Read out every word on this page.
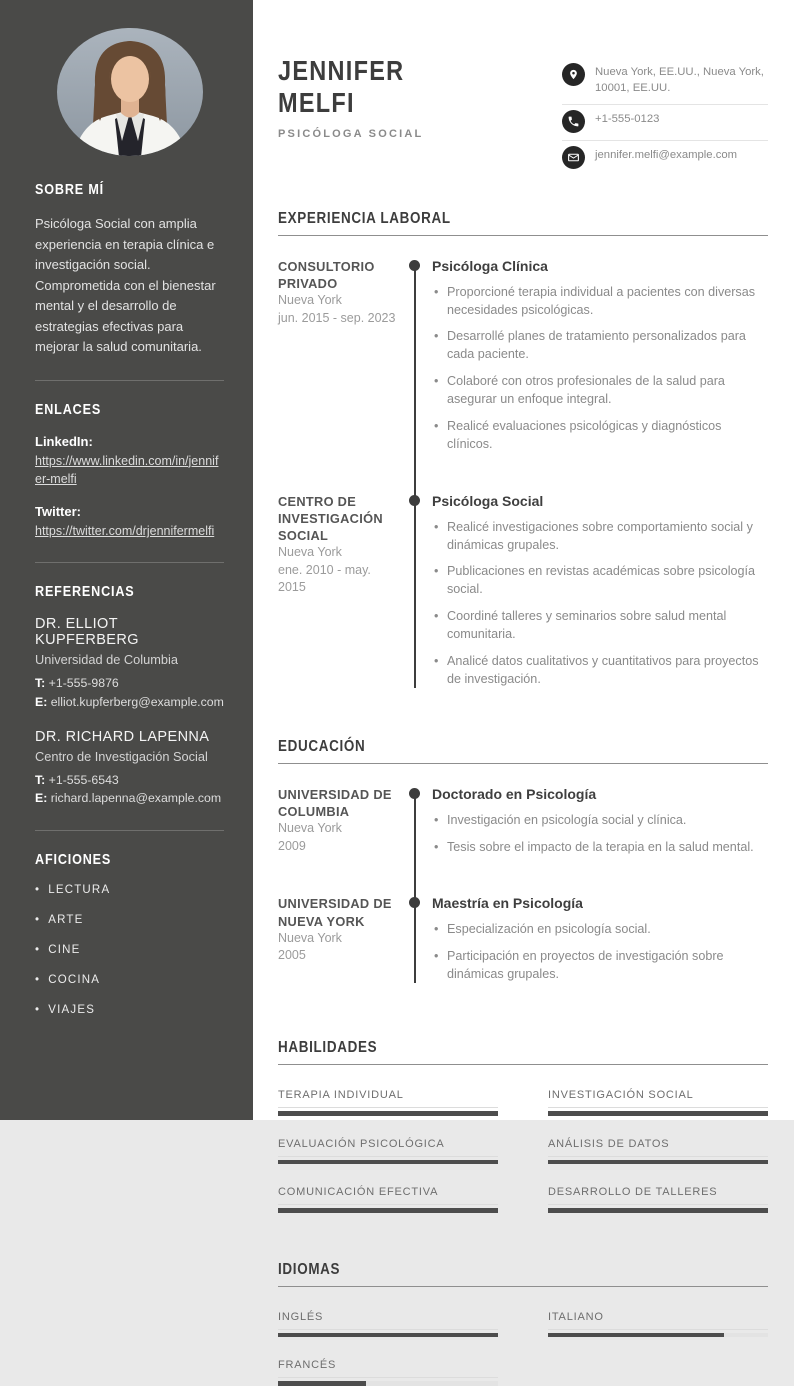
SOBRE MÍ

Psicóloga Social con amplia experiencia en terapia clínica e investigación social. Comprometida con el bienestar mental y el desarrollo de estrategias efectivas para mejorar la salud comunitaria.

ENLACES
LinkedIn:
https://www.linkedin.com/in/jennifer-melfi
Twitter:
https://twitter.com/drjennifermelfi
REFERENCIAS
DR. ELLIOT KUPFERBERG
Universidad de Columbia
T: +1-555-9876
E: elliot.kupferberg@example.com
DR. RICHARD LAPENNA
Centro de Investigación Social
T: +1-555-6543
E: richard.lapenna@example.com
AFICIONES
• LECTURA
• ARTE
• CINE
• COCINA
• VIAJES
JENNIFER
MELFI
PSICÓLOGA SOCIAL
Nueva York, EE.UU., Nueva York, 10001, EE.UU.
+1-555-0123
jennifer.melfi@example.com
EXPERIENCIA LABORAL
CONSULTORIO PRIVADO
Nueva York
jun. 2015 - sep. 2023
Psicóloga Clínica
• Proporcioné terapia individual a pacientes con diversas necesidades psicológicas.
• Desarrollé planes de tratamiento personalizados para cada paciente.
• Colaboré con otros profesionales de la salud para asegurar un enfoque integral.
• Realicé evaluaciones psicológicas y diagnósticos clínicos.
CENTRO DE INVESTIGACIÓN SOCIAL
Nueva York
ene. 2010 - may. 2015
Psicóloga Social
• Realicé investigaciones sobre comportamiento social y dinámicas grupales.
• Publicaciones en revistas académicas sobre psicología social.
• Coordiné talleres y seminarios sobre salud mental comunitaria.
• Analicé datos cualitativos y cuantitativos para proyectos de investigación.
EDUCACIÓN
UNIVERSIDAD DE COLUMBIA
Nueva York
2009
Doctorado en Psicología
• Investigación en psicología social y clínica.
• Tesis sobre el impacto de la terapia en la salud mental.
UNIVERSIDAD DE NUEVA YORK
Nueva York
2005
Maestría en Psicología
• Especialización en psicología social.
• Participación en proyectos de investigación sobre dinámicas grupales.
HABILIDADES
TERAPIA INDIVIDUAL	INVESTIGACIÓN SOCIAL
EVALUACIÓN PSICOLÓGICA	ANÁLISIS DE DATOS
COMUNICACIÓN EFECTIVA	DESARROLLO DE TALLERES
IDIOMAS
INGLÉS	ITALIANO
FRANCÉS
